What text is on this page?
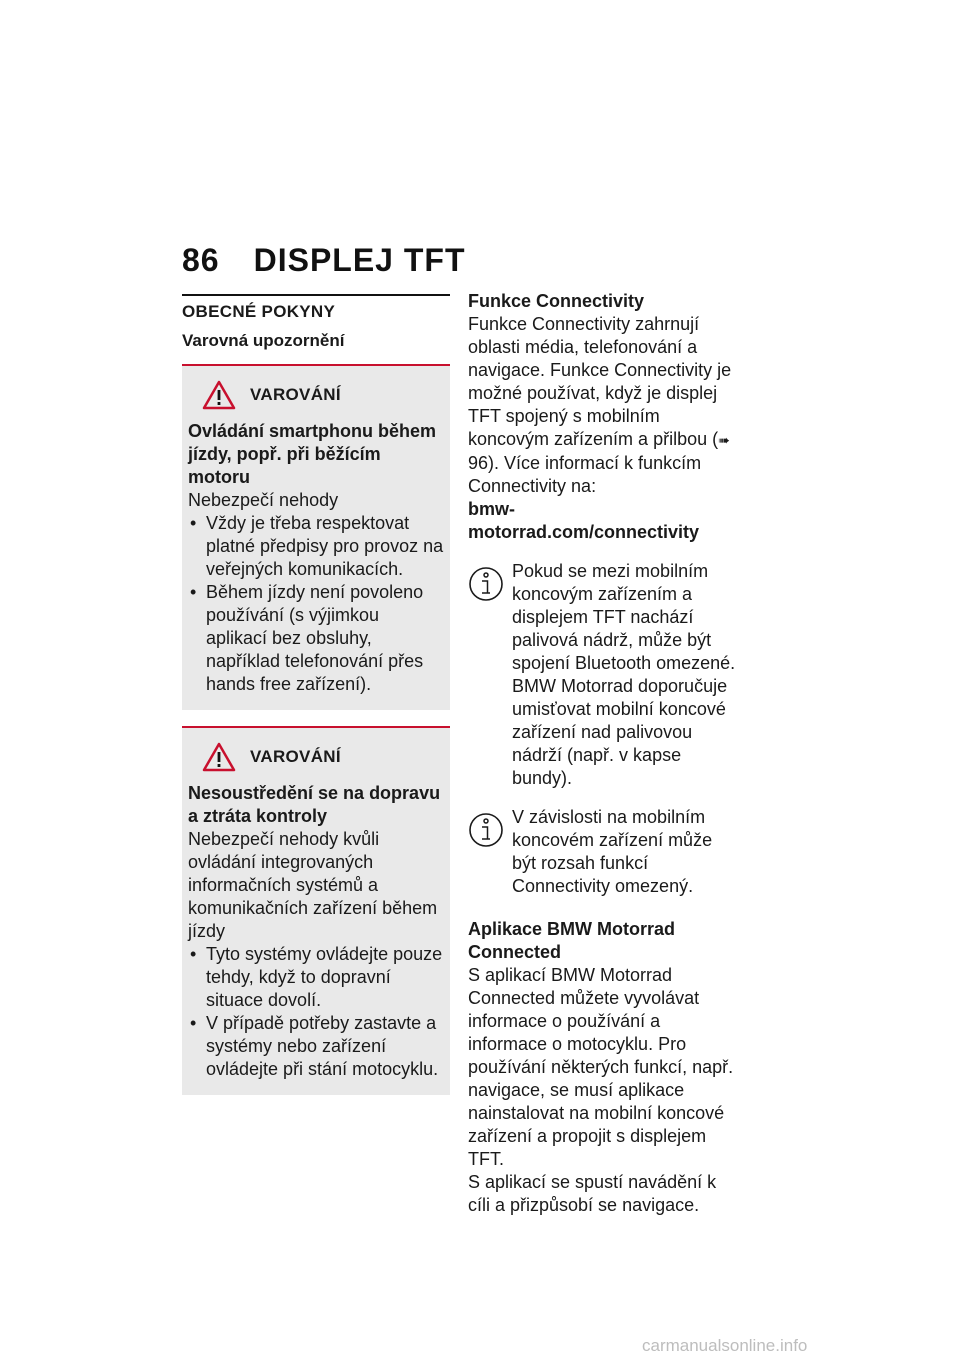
86 DISPLEJ TFT
OBECNÉ POKYNY
Varovná upozornění
VAROVÁNÍ
Ovládání smartphonu během jízdy, popř. při běžícím motoru
Nebezpečí nehody
• Vždy je třeba respektovat platné předpisy pro provoz na veřejných komunikacích.
• Během jízdy není povoleno používání (s výjimkou aplikací bez obsluhy, například telefonování přes hands free zařízení).
VAROVÁNÍ
Nesoustředění se na dopravu a ztráta kontroly
Nebezpečí nehody kvůli ovládání integrovaných informačních systémů a komunikačních zařízení během jízdy
• Tyto systémy ovládejte pouze tehdy, když to dopravní situace dovolí.
• V případě potřeby zastavte a systémy nebo zařízení ovládejte při stání motocyklu.
Funkce Connectivity
Funkce Connectivity zahrnují oblasti média, telefonování a navigace. Funkce Connectivity je možné používat, když je displej TFT spojený s mobilním koncovým zařízením a přilbou (➠ 96). Více informací k funkcím Connectivity na:
bmw-motorrad.com/connectivity
Pokud se mezi mobilním koncovým zařízením a displejem TFT nachází palivová nádrž, může být spojení Bluetooth omezené. BMW Motorrad doporučuje umisťovat mobilní koncové zařízení nad palivovou nádrží (např. v kapse bundy).
V závislosti na mobilním koncovém zařízení může být rozsah funkcí Connectivity omezený.
Aplikace BMW Motorrad Connected
S aplikací BMW Motorrad Connected můžete vyvolávat informace o používání a informace o motocyklu. Pro používání některých funkcí, např. navigace, se musí aplikace nainstalovat na mobilní koncové zařízení a propojit s displejem TFT.
S aplikací se spustí navádění k cíli a přizpůsobí se navigace.
carmanualsonline.info
